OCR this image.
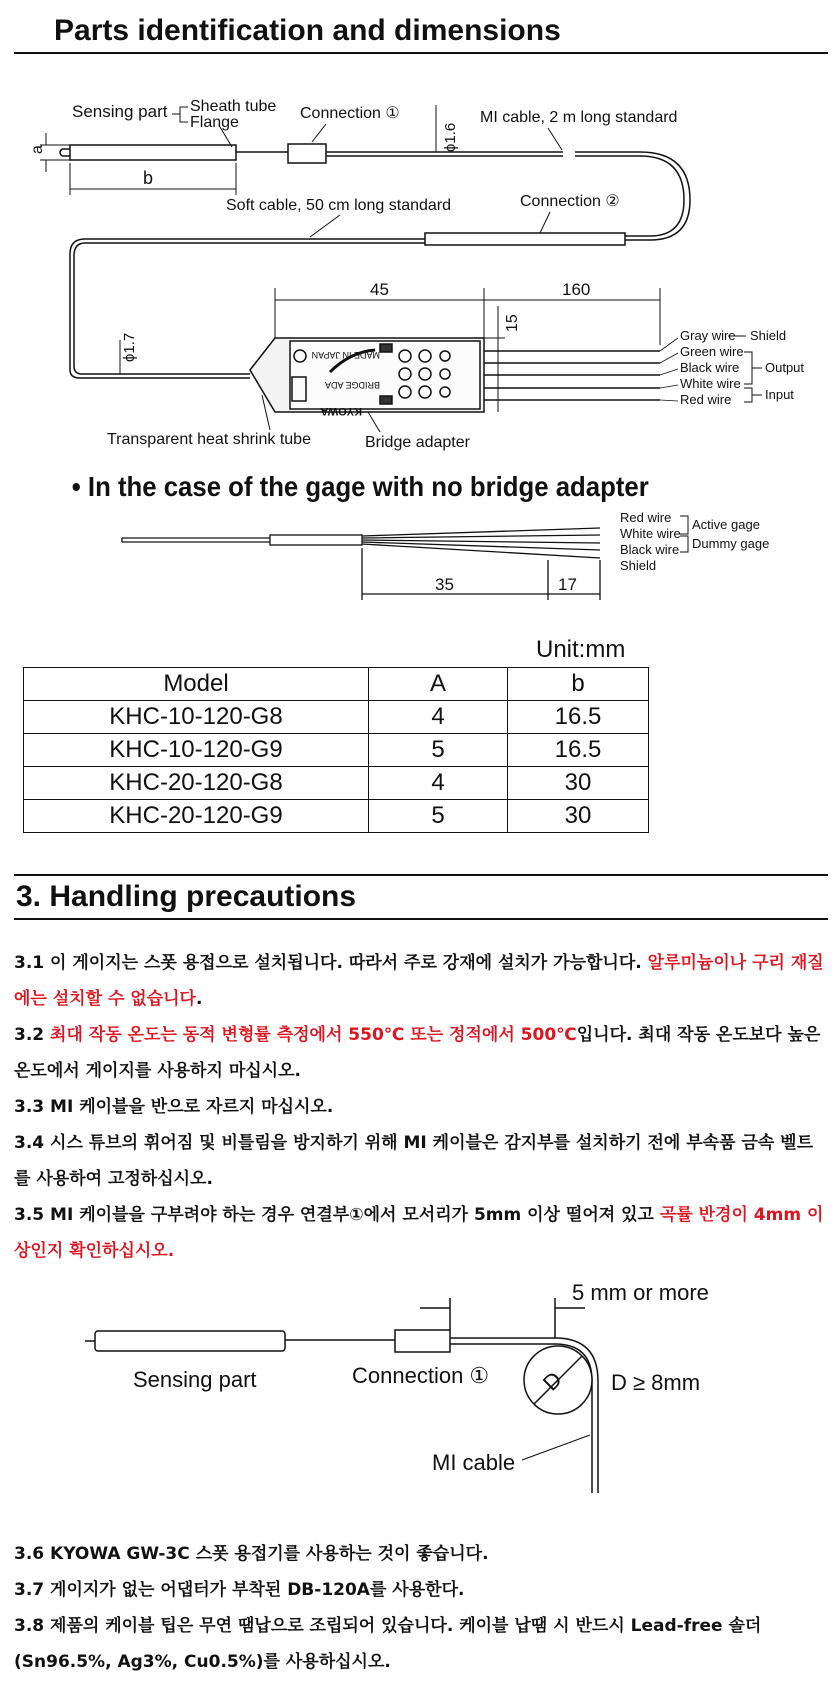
Parts identification and dimensions
a
b
Sensing part Sheath tube
Flange
Connection ①
ϕ1.6
MI cable, 2 m long standard
Soft cable, 50 cm long standard	Connection ②
ϕ1.7	MADE IN JAPAN
KYOWA
BRIDGE ADA
45	160
15
Gray wire Shield
Green wire
Black wire
White wire
Red wire
Output
Input
Transparent heat shrink tube	Bridge adapter
• In the case of the gage with no bridge adapter
Red wire
White wire
Black wire
Shield
Active gage
Dummy gage
35	17
Unit:mm
Model	A	b
KHC-10-120-G8	4	16.5
KHC-10-120-G9	5	16.5
KHC-20-120-G8	4	30
KHC-20-120-G9	5	30
3. Handling precautions
3.1 이 게이지는 스폿 용접으로 설치됩니다. 따라서 주로 강재에 설치가 가능합니다. 알루미늄이나 구리 재질에는 설치할 수 없습니다.
3.2 최대 작동 온도는 동적 변형률 측정에서 550℃ 또는 정적에서 500℃입니다. 최대 작동 온도보다 높은 온도에서 게이지를 사용하지 마십시오.
3.3 MI 케이블을 반으로 자르지 마십시오.
3.4 시스 튜브의 휘어짐 및 비틀림을 방지하기 위해 MI 케이블은 감지부를 설치하기 전에 부속품 금속 벨트를 사용하여 고정하십시오.
3.5 MI 케이블을 구부려야 하는 경우 연결부①에서 모서리가 5mm 이상 떨어져 있고 곡률 반경이 4mm 이상인지 확인하십시오.
5 mm or more
Sensing part	Connection ① D D ≥ 8mm
MI cable
3.6 KYOWA GW-3C 스폿 용접기를 사용하는 것이 좋습니다.
3.7 게이지가 없는 어댑터가 부착된 DB-120A를 사용한다.
3.8 제품의 케이블 팁은 무연 땜납으로 조립되어 있습니다. 케이블 납땜 시 반드시 Lead-free 솔더(Sn96.5%, Ag3%, Cu0.5%)를 사용하십시오.
